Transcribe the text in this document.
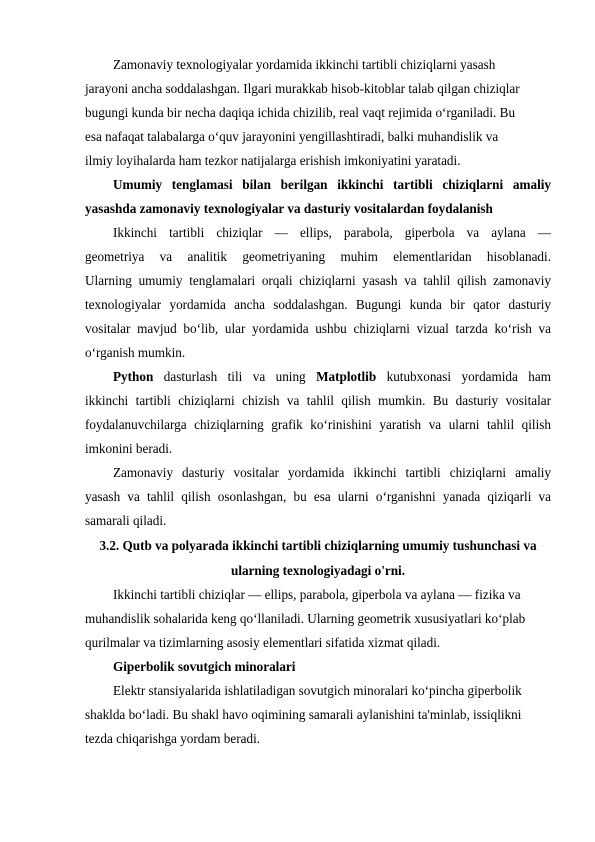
Zamonaviy texnologiyalar yordamida ikkinchi tartibli chiziqlarni yasash
jarayoni ancha soddalashgan. Ilgari murakkab hisob-kitoblar talab qilgan chiziqlar
bugungi kunda bir necha daqiqa ichida chizilib, real vaqt rejimida o‘rganiladi. Bu
esa nafaqat talabalarga o‘quv jarayonini yengillashtiradi, balki muhandislik va
ilmiy loyihalarda ham tezkor natijalarga erishish imkoniyatini yaratadi.
Umumiy tenglamasi bilan berilgan ikkinchi tartibli chiziqlarni amaliy
yasashda zamonaviy texnologiyalar va dasturiy vositalardan foydalanish
Ikkinchi tartibli chiziqlar — ellips, parabola, giperbola va aylana —
geometriya va analitik geometriyaning muhim elementlaridan hisoblanadi.
Ularning umumiy tenglamalari orqali chiziqlarni yasash va tahlil qilish zamonaviy
texnologiyalar yordamida ancha soddalashgan. Bugungi kunda bir qator dasturiy
vositalar mavjud bo‘lib, ular yordamida ushbu chiziqlarni vizual tarzda ko‘rish va
o‘rganish mumkin.
Python dasturlash tili va uning Matplotlib kutubxonasi yordamida ham
ikkinchi tartibli chiziqlarni chizish va tahlil qilish mumkin. Bu dasturiy vositalar
foydalanuvchilarga chiziqlarning grafik ko‘rinishini yaratish va ularni tahlil qilish
imkonini beradi.
Zamonaviy dasturiy vositalar yordamida ikkinchi tartibli chiziqlarni amaliy
yasash va tahlil qilish osonlashgan, bu esa ularni o‘rganishni yanada qiziqarli va
samarali qiladi.
3.2. Qutb va polyarada ikkinchi tartibli chiziqlarning umumiy tushunchasi va
ularning texnologiyadagi o'rni.
Ikkinchi tartibli chiziqlar — ellips, parabola, giperbola va aylana — fizika va
muhandislik sohalarida keng qo‘llaniladi. Ularning geometrik xususiyatlari ko‘plab
qurilmalar va tizimlarning asosiy elementlari sifatida xizmat qiladi.
Giperbolik sovutgich minoralari
Elektr stansiyalarida ishlatiladigan sovutgich minoralari ko‘pincha giperbolik
shaklda bo‘ladi. Bu shakl havo oqimining samarali aylanishini ta'minlab, issiqlikni
tezda chiqarishga yordam beradi.
